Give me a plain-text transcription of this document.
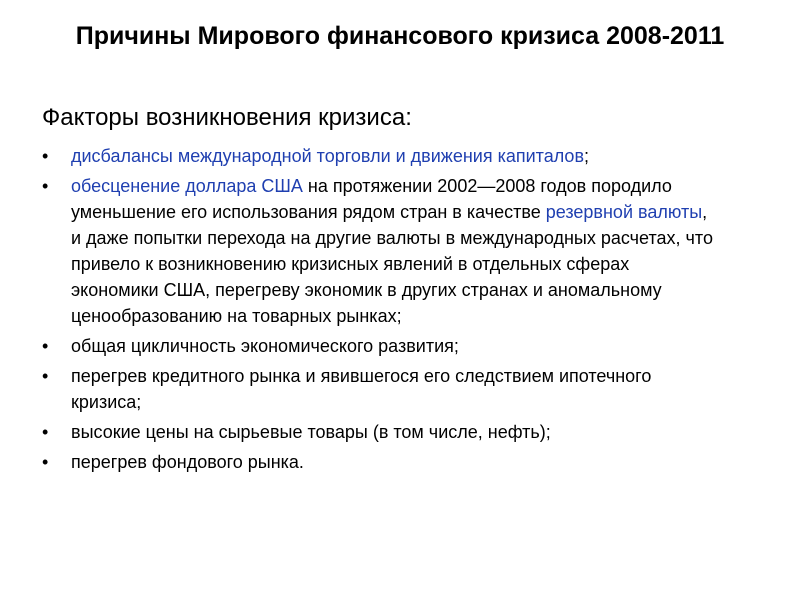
Причины Мирового финансового кризиса 2008-2011

Факторы возникновения кризиса:

• дисбалансы международной торговли и движения капиталов;
• обесценение доллара США на протяжении 2002—2008 годов породило уменьшение его использования рядом стран в качестве резервной валюты, и даже попытки перехода на другие валюты в международных расчетах, что привело к возникновению кризисных явлений в отдельных сферах экономики США, перегреву экономик в других странах и аномальному ценообразованию на товарных рынках;
• общая цикличность экономического развития;
• перегрев кредитного рынка и явившегося его следствием ипотечного кризиса;
• высокие цены на сырьевые товары (в том числе, нефть);
• перегрев фондового рынка.
